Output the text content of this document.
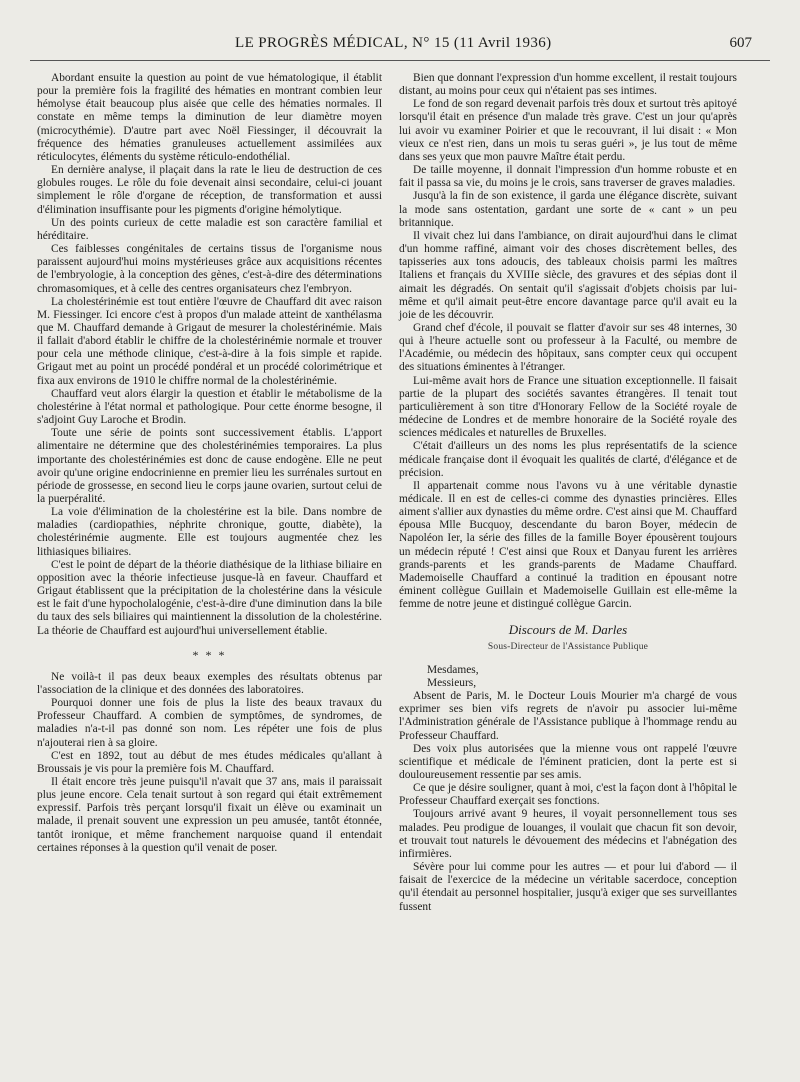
LE PROGRÈS MÉDICAL, N° 15 (11 Avril 1936)	607

Abordant ensuite la question au point de vue hématologique, il établit pour la première fois la fragilité des hématies en montrant combien leur hémolyse était beaucoup plus aisée que celle des hématies normales. Il constate en même temps la diminution de leur diamètre moyen (microcythémie). D'autre part avec Noël Fiessinger, il découvrait la fréquence des hématies granuleuses actuellement assimilées aux réticulocytes, éléments du système réticulo-endothélial.

En dernière analyse, il plaçait dans la rate le lieu de destruction de ces globules rouges. Le rôle du foie devenait ainsi secondaire, celui-ci jouant simplement le rôle d'organe de réception, de transformation et aussi d'élimination insuffisante pour les pigments d'origine hémolytique.

Un des points curieux de cette maladie est son caractère familial et héréditaire.

Ces faiblesses congénitales de certains tissus de l'organisme nous paraissent aujourd'hui moins mystérieuses grâce aux acquisitions récentes de l'embryologie, à la conception des gènes, c'est-à-dire des déterminations chromasomiques, et à celle des centres organisateurs chez l'embryon.

La cholestérinémie est tout entière l'œuvre de Chauffard dit avec raison M. Fiessinger. Ici encore c'est à propos d'un malade atteint de xanthélasma que M. Chauffard demande à Grigaut de mesurer la cholestérinémie. Mais il fallait d'abord établir le chiffre de la cholestérinémie normale et trouver pour cela une méthode clinique, c'est-à-dire à la fois simple et rapide. Grigaut met au point un procédé pondéral et un procédé colorimétrique et fixa aux environs de 1910 le chiffre normal de la cholestérinémie.

Chauffard veut alors élargir la question et établir le métabolisme de la cholestérine à l'état normal et pathologique. Pour cette énorme besogne, il s'adjoint Guy Laroche et Brodin.

Toute une série de points sont successivement établis. L'apport alimentaire ne détermine que des cholestérinémies temporaires. La plus importante des cholestérinémies est donc de cause endogène. Elle ne peut avoir qu'une origine endocrinienne en premier lieu les surrénales surtout en période de grossesse, en second lieu le corps jaune ovarien, surtout celui de la puerpéralité.

La voie d'élimination de la cholestérine est la bile. Dans nombre de maladies (cardiopathies, néphrite chronique, goutte, diabète), la cholestérinémie augmente. Elle est toujours augmentée chez les lithiasiques biliaires.

C'est le point de départ de la théorie diathésique de la lithiase biliaire en opposition avec la théorie infectieuse jusque-là en faveur. Chauffard et Grigaut établissent que la précipitation de la cholestérine dans la vésicule est le fait d'une hypocholalogénie, c'est-à-dire d'une diminution dans la bile du taux des sels biliaires qui maintiennent la dissolution de la cholestérine. La théorie de Chauffard est aujourd'hui universellement établie.

* * *

Ne voilà-t il pas deux beaux exemples des résultats obtenus par l'association de la clinique et des données des laboratoires.

Pourquoi donner une fois de plus la liste des beaux travaux du Professeur Chauffard. A combien de symptômes, de syndromes, de maladies n'a-t-il pas donné son nom. Les répéter une fois de plus n'ajouterai rien à sa gloire.

C'est en 1892, tout au début de mes études médicales qu'allant à Broussais je vis pour la première fois M. Chauffard.

Il était encore très jeune puisqu'il n'avait que 37 ans, mais il paraissait plus jeune encore. Cela tenait surtout à son regard qui était extrêmement expressif. Parfois très perçant lorsqu'il fixait un élève ou examinait un malade, il prenait souvent une expression un peu amusée, tantôt étonnée, tantôt ironique, et même franchement narquoise quand il entendait certaines réponses à la question qu'il venait de poser.

Bien que donnant l'expression d'un homme excellent, il restait toujours distant, au moins pour ceux qui n'étaient pas ses intimes.

Le fond de son regard devenait parfois très doux et surtout très apitoyé lorsqu'il était en présence d'un malade très grave. C'est un jour qu'après lui avoir vu examiner Poirier et que le recouvrant, il lui disait : « Mon vieux ce n'est rien, dans un mois tu seras guéri », je lus tout de même dans ses yeux que mon pauvre Maître était perdu.

De taille moyenne, il donnait l'impression d'un homme robuste et en fait il passa sa vie, du moins je le crois, sans traverser de graves maladies.

Jusqu'à la fin de son existence, il garda une élégance discrète, suivant la mode sans ostentation, gardant une sorte de « cant » un peu britannique.

Il vivait chez lui dans l'ambiance, on dirait aujourd'hui dans le climat d'un homme raffiné, aimant voir des choses discrètement belles, des tapisseries aux tons adoucis, des tableaux choisis parmi les maîtres Italiens et français du XVIIIe siècle, des gravures et des sépias dont il aimait les dégradés. On sentait qu'il s'agissait d'objets choisis par lui-même et qu'il aimait peut-être encore davantage parce qu'il avait eu la joie de les découvrir.

Grand chef d'école, il pouvait se flatter d'avoir sur ses 48 internes, 30 qui à l'heure actuelle sont ou professeur à la Faculté, ou membre de l'Académie, ou médecin des hôpitaux, sans compter ceux qui occupent des situations éminentes à l'étranger.

Lui-même avait hors de France une situation exceptionnelle. Il faisait partie de la plupart des sociétés savantes étrangères. Il tenait tout particulièrement à son titre d'Honorary Fellow de la Société royale de médecine de Londres et de membre honoraire de la Société royale des sciences médicales et naturelles de Bruxelles.

C'était d'ailleurs un des noms les plus représentatifs de la science médicale française dont il évoquait les qualités de clarté, d'élégance et de précision.

Il appartenait comme nous l'avons vu à une véritable dynastie médicale. Il en est de celles-ci comme des dynasties princières. Elles aiment s'allier aux dynasties du même ordre. C'est ainsi que M. Chauffard épousa Mlle Bucquoy, descendante du baron Boyer, médecin de Napoléon Ier, la série des filles de la famille Boyer épousèrent toujours un médecin réputé ! C'est ainsi que Roux et Danyau furent les arrières grands-parents et les grands-parents de Madame Chauffard. Mademoiselle Chauffard a continué la tradition en épousant notre éminent collègue Guillain et Mademoiselle Guillain est elle-même la femme de notre jeune et distingué collègue Garcin.

Discours de M. Darles
Sous-Directeur de l'Assistance Publique

Mesdames,

Messieurs,

Absent de Paris, M. le Docteur Louis Mourier m'a chargé de vous exprimer ses bien vifs regrets de n'avoir pu associer lui-même l'Administration générale de l'Assistance publique à l'hommage rendu au Professeur Chauffard.

Des voix plus autorisées que la mienne vous ont rappelé l'œuvre scientifique et médicale de l'éminent praticien, dont la perte est si douloureusement ressentie par ses amis.

Ce que je désire souligner, quant à moi, c'est la façon dont à l'hôpital le Professeur Chauffard exerçait ses fonctions.

Toujours arrivé avant 9 heures, il voyait personnellement tous ses malades. Peu prodigue de louanges, il voulait que chacun fit son devoir, et trouvait tout naturels le dévouement des médecins et l'abnégation des infirmières.

Sévère pour lui comme pour les autres — et pour lui d'abord — il faisait de l'exercice de la médecine un véritable sacerdoce, conception qu'il étendait au personnel hospitalier, jusqu'à exiger que ses surveillantes fussent
